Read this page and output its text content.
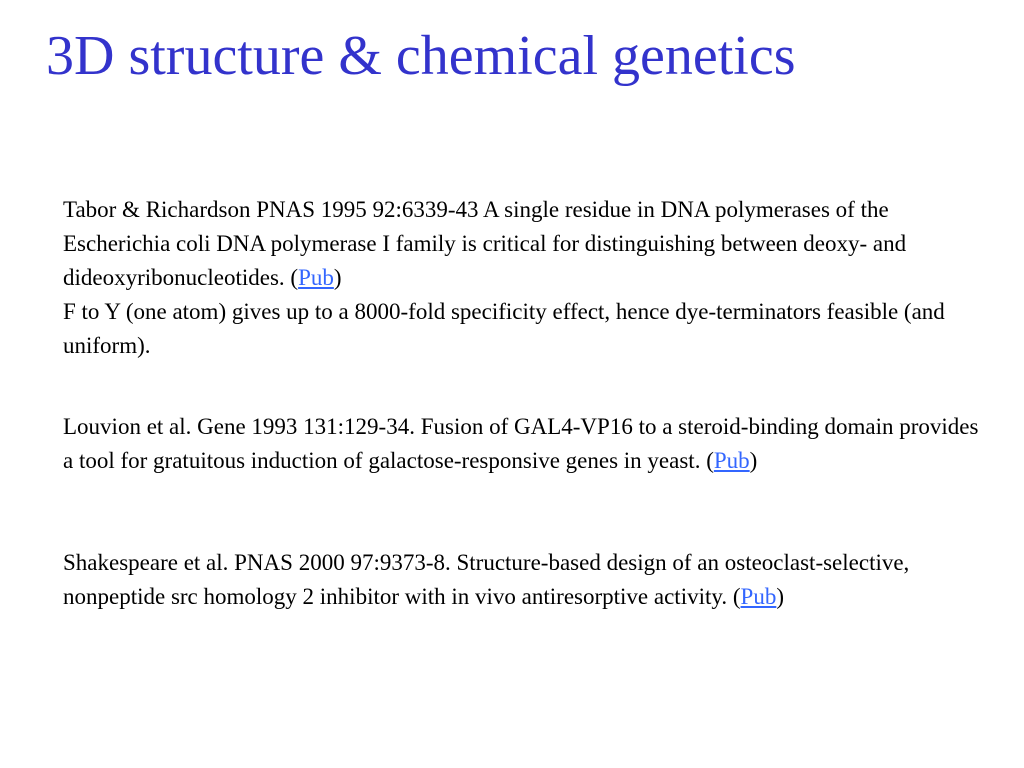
3D structure & chemical genetics

Tabor & Richardson PNAS 1995 92:6339-43 A single residue in DNA polymerases of the Escherichia coli DNA polymerase I family is critical for distinguishing between deoxy- and dideoxyribonucleotides. (Pub)
F to Y (one atom) gives up to a 8000-fold specificity effect, hence dye-terminators feasible (and uniform).

Louvion et al. Gene 1993 131:129-34. Fusion of GAL4-VP16 to a steroid-binding domain provides a tool for gratuitous induction of galactose-responsive genes in yeast. (Pub)

Shakespeare et al. PNAS 2000 97:9373-8. Structure-based design of an osteoclast-selective, nonpeptide src homology 2 inhibitor with in vivo antiresorptive activity. (Pub)
